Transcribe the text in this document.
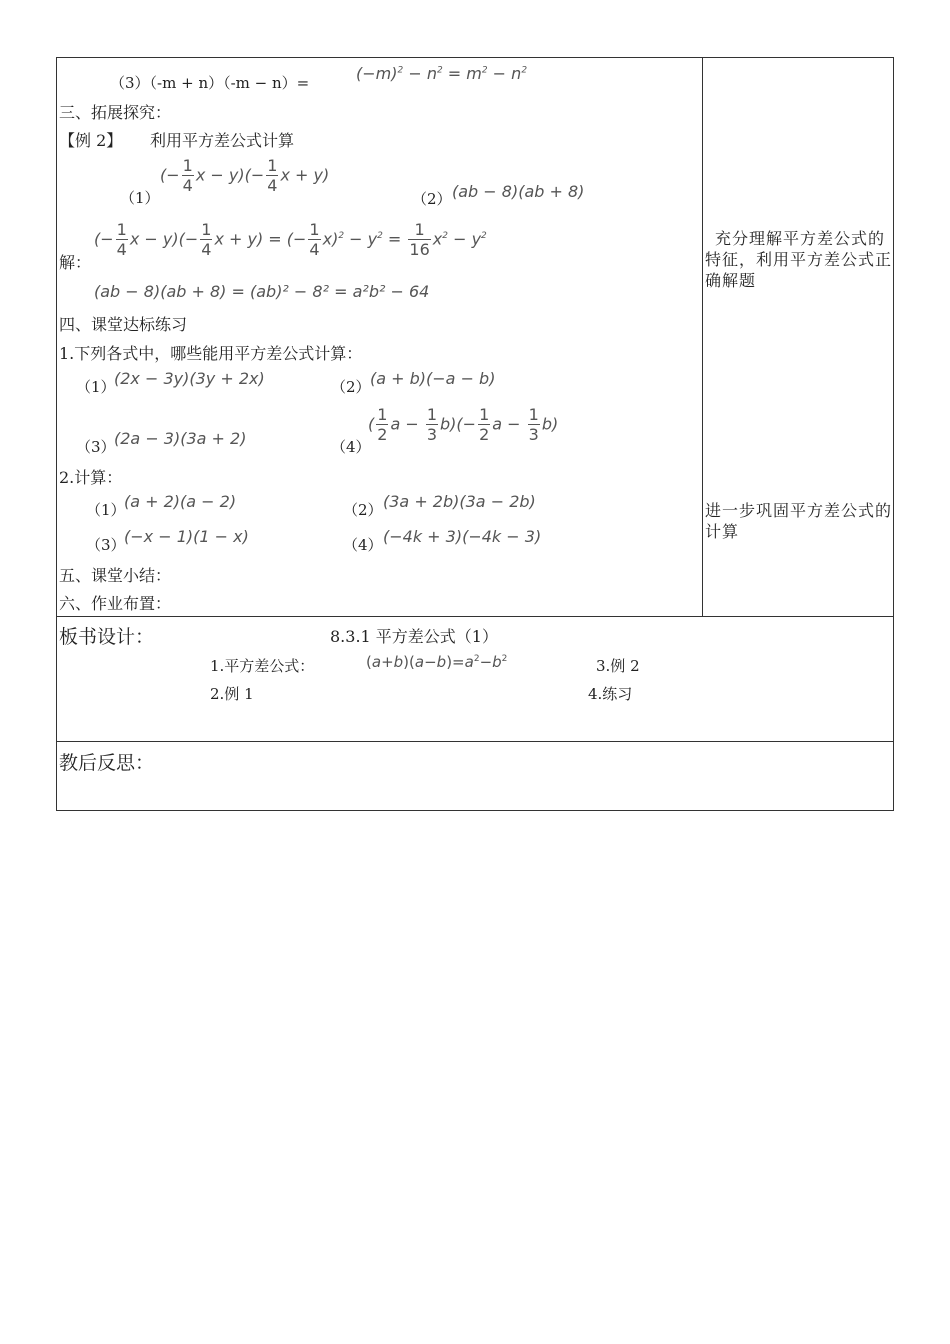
（3）（-m + n）（-m − n）=	$(-m)^2 - n^2 = m^2 - n^2$
三、拓展探究：
【例 2】 利用平方差公式计算
（1）
(− $\frac{1}{4}$ $x - y)(- \frac{1}{4}$ x + y)
（2） (ab − 8)(ab + 8)
解：
(− $\frac{1}{4}$ $x - y)(- \frac{1}{4}$ x + y) = (− $\frac{1}{4} x)^2 - y^2 = \frac{1}{16} x^2 - y^2$
(ab − 8)(ab + 8) = (ab)² − 8² = a²b² − 64
四、课堂达标练习
1.下列各式中，哪些能用平方差公式计算：
（1）
(2x − 3y)(3y + 2x)	（2） (a + b)(−a − b)
（3）
(2a − 3)(3a + 2)	（4）
( $\frac{1}{2}$ $a - \frac{1}{3} b)(- \frac{1}{2}$ $a - \frac{1}{3} b$)
2.计算：
（1）
(a + 2)(a − 2)	（2） (3a + 2b)(3a − 2b)
（3）
(−x − 1)(1 − x)	（4） (−4k + 3)(−4k − 3)
五、课堂小结：
六、作业布置：
充分理解平方差公式的特征，利用平方差公式正确解题
进一步巩固平方差公式的计算
板书设计：	8.3.1 平方差公式（1）
1.平方差公式：	$(a+b)(a-b)=a^2-b^2$	3.例 2
2.例 1	4.练习
教后反思：
